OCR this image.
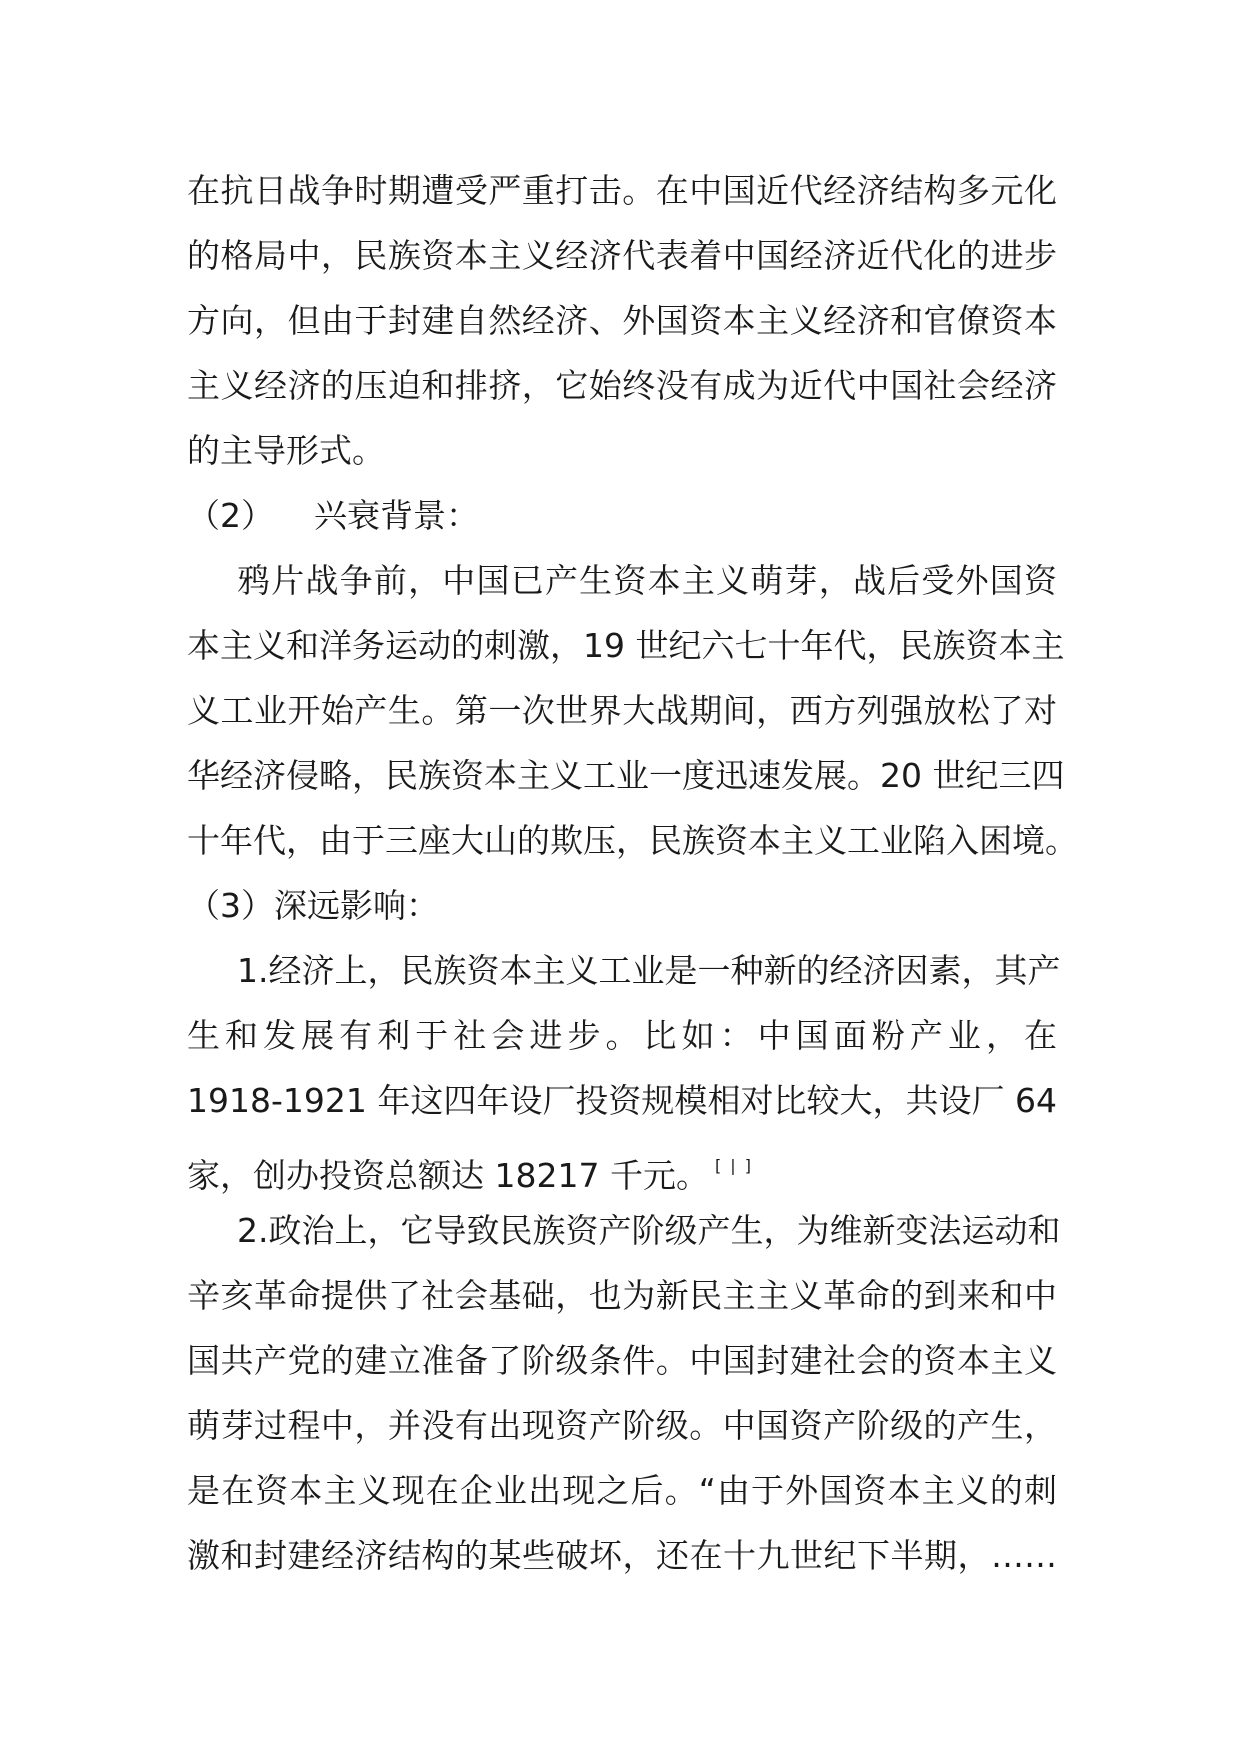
在抗日战争时期遭受严重打击。在中国近代经济结构多元化
的格局中，民族资本主义经济代表着中国经济近代化的进步
方向，但由于封建自然经济、外国资本主义经济和官僚资本
主义经济的压迫和排挤，它始终没有成为近代中国社会经济
的主导形式。
（2） 兴衰背景：
鸦片战争前，中国已产生资本主义萌芽，战后受外国资
本主义和洋务运动的刺激，19 世纪六七十年代，民族资本主
义工业开始产生。第一次世界大战期间，西方列强放松了对
华经济侵略，民族资本主义工业一度迅速发展。20 世纪三四
十年代，由于三座大山的欺压，民族资本主义工业陷入困境。
（3）深远影响：
1.经济上，民族资本主义工业是一种新的经济因素，其产
生和发展有利于社会进步。比如：中国面粉产业，在
1918-1921 年这四年设厂投资规模相对比较大，共设厂 64
家，创办投资总额达 18217 千元。 [ | ]
2.政治上，它导致民族资产阶级产生，为维新变法运动和
辛亥革命提供了社会基础，也为新民主主义革命的到来和中
国共产党的建立准备了阶级条件。中国封建社会的资本主义
萌芽过程中，并没有出现资产阶级。中国资产阶级的产生，
是在资本主义现在企业出现之后。“由于外国资本主义的刺
激和封建经济结构的某些破坏，还在十九世纪下半期，……
